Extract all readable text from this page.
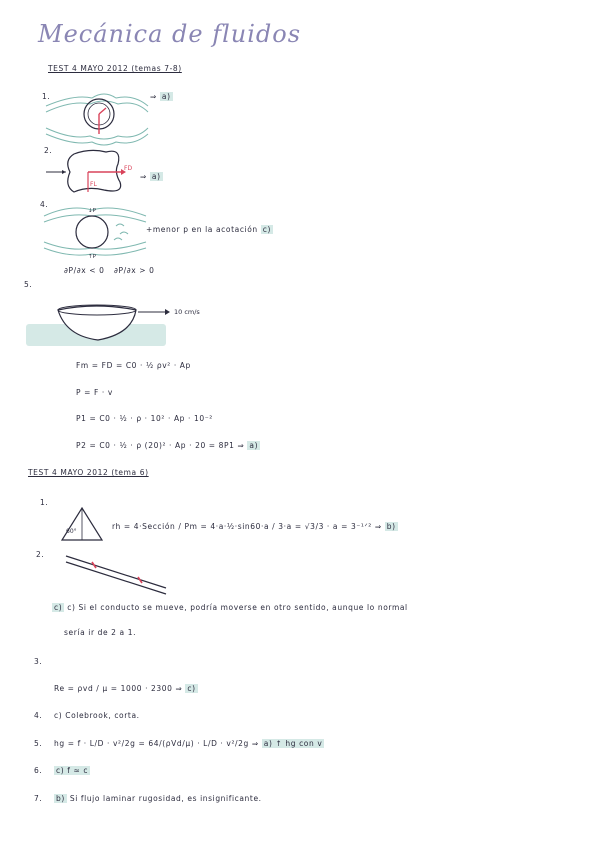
Mecánica de fluidos
TEST 4 MAYO 2012 (temas 7-8)
1.	⇒ a)
2.
FD
FL
⇒ a)
4.
↓P
↑P
+menor p en la acotación c)
∂P/∂x < 0 ∂P/∂x > 0
5.
10 cm/s
Fm = FD = C0 · ½ ρv² · Ap
P = F · v
P1 = C0 · ½ · ρ · 10² · Ap · 10⁻²
P2 = C0 · ½ · ρ (20)² · Ap · 20 = 8P1 ⇒ a)
TEST 4 MAYO 2012 (tema 6)
1.
60°
rh = 4·Sección / Pm = 4·a·½·sin60·a / 3·a = √3/3 · a = 3⁻¹ᐟ² ⇒ b)
2.
c) c) Si el conducto se mueve, podría moverse en otro sentido, aunque lo normal
sería ir de 2 a 1.
3.
Re = ρvd / μ = 1000 · 2300 ⇒ c)
4. c) Colebrook, corta.
5. hg = f · L/D · v²/2g = 64/(ρVd/μ) · L/D · v²/2g ⇒ a) ↑ hg con v
6. c) f ≈ c
7. b) Si flujo laminar rugosidad, es insignificante.
